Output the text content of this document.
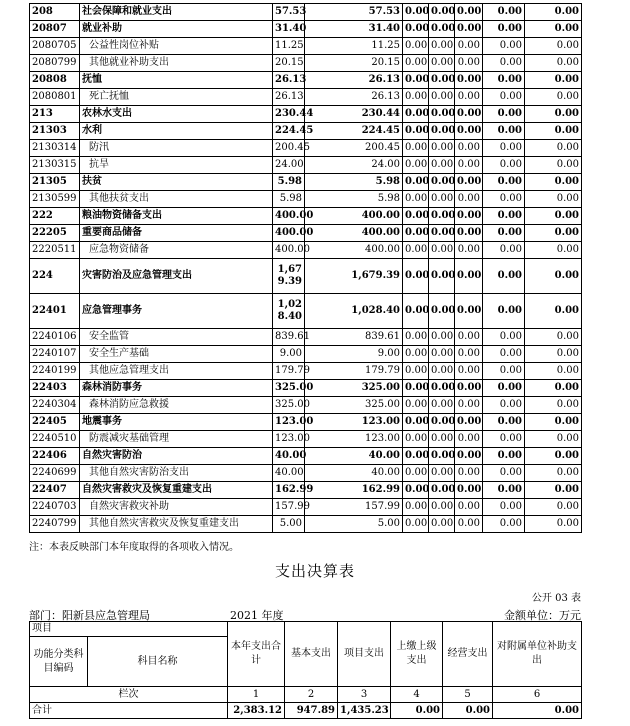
208	社会保障和就业支出	57.53	57.53	0.00	0.00	0.00	0.00	0.00
20807	就业补助	31.40	31.40	0.00	0.00	0.00	0.00	0.00
2080705	公益性岗位补贴	11.25	11.25	0.00	0.00	0.00	0.00	0.00
2080799	其他就业补助支出	20.15	20.15	0.00	0.00	0.00	0.00	0.00
20808	抚恤	26.13	26.13	0.00	0.00	0.00	0.00	0.00
2080801	死亡抚恤	26.13	26.13	0.00	0.00	0.00	0.00	0.00
213	农林水支出	230.44	230.44	0.00	0.00	0.00	0.00	0.00
21303	水利	224.45	224.45	0.00	0.00	0.00	0.00	0.00
2130314	防汛	200.45	200.45	0.00	0.00	0.00	0.00	0.00
2130315	抗旱	24.00	24.00	0.00	0.00	0.00	0.00	0.00
21305	扶贫	5.98	5.98	0.00	0.00	0.00	0.00	0.00
2130599	其他扶贫支出	5.98	5.98	0.00	0.00	0.00	0.00	0.00
222	粮油物资储备支出	400.00	400.00	0.00	0.00	0.00	0.00	0.00
22205	重要商品储备	400.00	400.00	0.00	0.00	0.00	0.00	0.00
2220511	应急物资储备	400.00	400.00	0.00	0.00	0.00	0.00	0.00
224	灾害防治及应急管理支出	1,679.39	1,679.39	0.00	0.00	0.00	0.00	0.00
22401	应急管理事务	1,028.40	1,028.40	0.00	0.00	0.00	0.00	0.00
2240106	安全监管	839.61	839.61	0.00	0.00	0.00	0.00	0.00
2240107	安全生产基础	9.00	9.00	0.00	0.00	0.00	0.00	0.00
2240199	其他应急管理支出	179.79	179.79	0.00	0.00	0.00	0.00	0.00
22403	森林消防事务	325.00	325.00	0.00	0.00	0.00	0.00	0.00
2240304	森林消防应急救援	325.00	325.00	0.00	0.00	0.00	0.00	0.00
22405	地震事务	123.00	123.00	0.00	0.00	0.00	0.00	0.00
2240510	防震减灾基础管理	123.00	123.00	0.00	0.00	0.00	0.00	0.00
22406	自然灾害防治	40.00	40.00	0.00	0.00	0.00	0.00	0.00
2240699	其他自然灾害防治支出	40.00	40.00	0.00	0.00	0.00	0.00	0.00
22407	自然灾害救灾及恢复重建支出	162.99	162.99	0.00	0.00	0.00	0.00	0.00
2240703	自然灾害救灾补助	157.99	157.99	0.00	0.00	0.00	0.00	0.00
2240799	其他自然灾害救灾及恢复重建支出	5.00	5.00	0.00	0.00	0.00	0.00	0.00
注：本表反映部门本年度取得的各项收入情况。
支出决算表
公开 03 表
部门：阳新县应急管理局	2021 年度	金额单位：万元
项目		本年支出合计	基本支出	项目支出	上缴上级支出	经营支出	对附属单位补助支出
功能分类科目编码	科目名称						
栏次		1	2	3	4	5	6
合计		2,383.12	947.89	1,435.23	0.00	0.00	0.00
